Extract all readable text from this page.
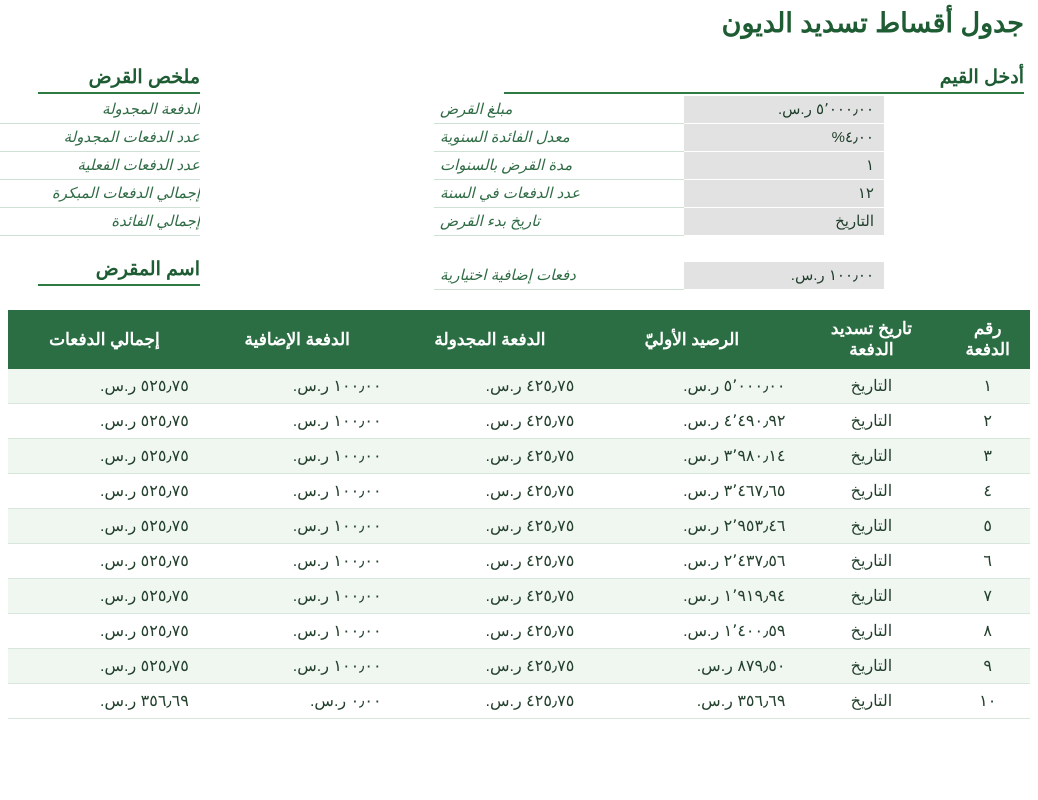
جدول أقساط تسديد الديون
أدخل القيم
ملخص القرض
اسم المقرض
٥٬٠٠٠٫٠٠ ر.س.
مبلغ القرض
٤٫٠٠%
معدل الفائدة السنوية
١
مدة القرض بالسنوات
١٢
عدد الدفعات في السنة
التاريخ
تاريخ بدء القرض
١٠٠٫٠٠ ر.س.
دفعات إضافية اختيارية
الدفعة المجدولة
عدد الدفعات المجدولة
عدد الدفعات الفعلية
إجمالي الدفعات المبكرة
إجمالي الفائدة
رقم الدفعة	تاريخ تسديد الدفعة	الرصيد الأوليّ	الدفعة المجدولة	الدفعة الإضافية	إجمالي الدفعات
١	التاريخ	٥٬٠٠٠٫٠٠ ر.س.	٤٢٥٫٧٥ ر.س.	١٠٠٫٠٠ ر.س.	٥٢٥٫٧٥ ر.س.
٢	التاريخ	٤٬٤٩٠٫٩٢ ر.س.	٤٢٥٫٧٥ ر.س.	١٠٠٫٠٠ ر.س.	٥٢٥٫٧٥ ر.س.
٣	التاريخ	٣٬٩٨٠٫١٤ ر.س.	٤٢٥٫٧٥ ر.س.	١٠٠٫٠٠ ر.س.	٥٢٥٫٧٥ ر.س.
٤	التاريخ	٣٬٤٦٧٫٦٥ ر.س.	٤٢٥٫٧٥ ر.س.	١٠٠٫٠٠ ر.س.	٥٢٥٫٧٥ ر.س.
٥	التاريخ	٢٬٩٥٣٫٤٦ ر.س.	٤٢٥٫٧٥ ر.س.	١٠٠٫٠٠ ر.س.	٥٢٥٫٧٥ ر.س.
٦	التاريخ	٢٬٤٣٧٫٥٦ ر.س.	٤٢٥٫٧٥ ر.س.	١٠٠٫٠٠ ر.س.	٥٢٥٫٧٥ ر.س.
٧	التاريخ	١٬٩١٩٫٩٤ ر.س.	٤٢٥٫٧٥ ر.س.	١٠٠٫٠٠ ر.س.	٥٢٥٫٧٥ ر.س.
٨	التاريخ	١٬٤٠٠٫٥٩ ر.س.	٤٢٥٫٧٥ ر.س.	١٠٠٫٠٠ ر.س.	٥٢٥٫٧٥ ر.س.
٩	التاريخ	٨٧٩٫٥٠ ر.س.	٤٢٥٫٧٥ ر.س.	١٠٠٫٠٠ ر.س.	٥٢٥٫٧٥ ر.س.
١٠	التاريخ	٣٥٦٫٦٩ ر.س.	٤٢٥٫٧٥ ر.س.	٠٫٠٠ ر.س.	٣٥٦٫٦٩ ر.س.
